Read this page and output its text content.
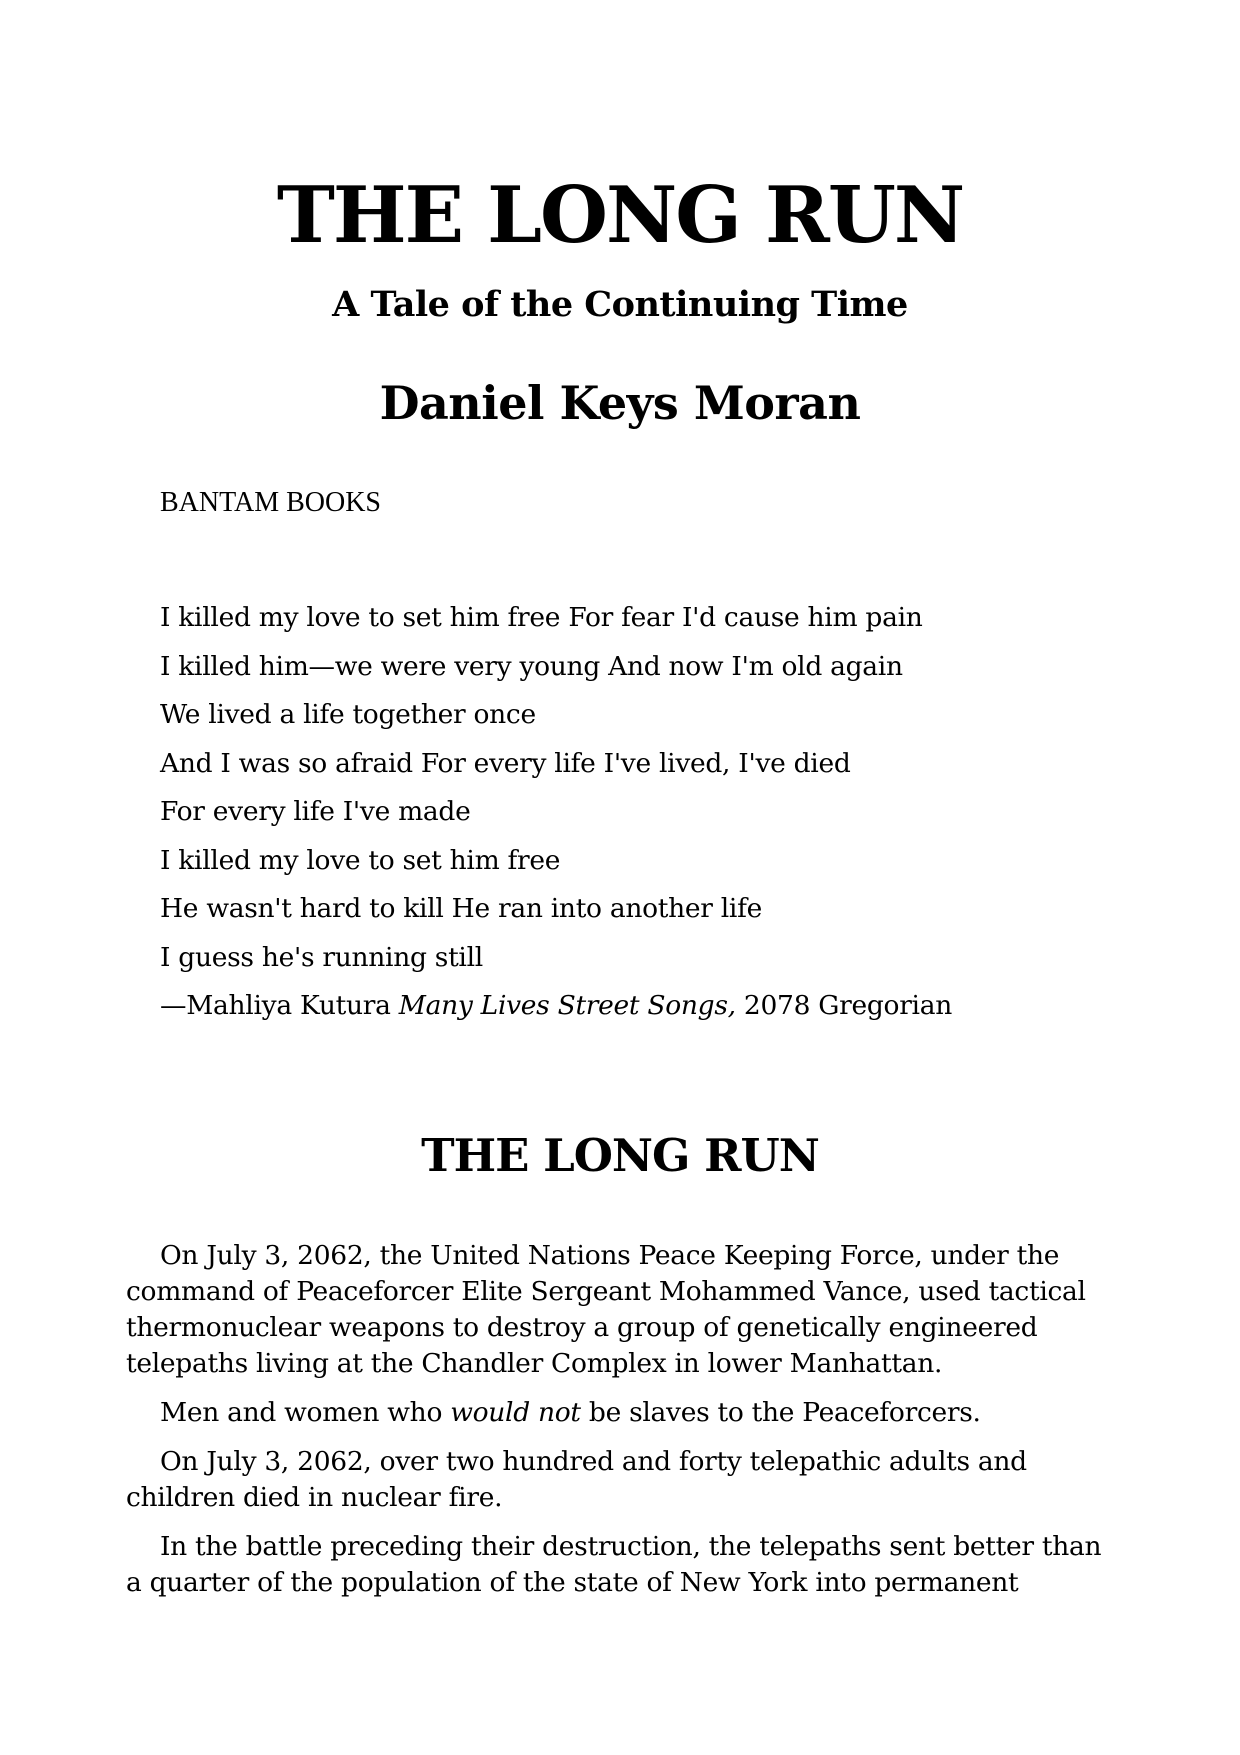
THE LONG RUN
A Tale of the Continuing Time
Daniel Keys Moran

BANTAM BOOKS

I killed my love to set him free For fear I'd cause him pain
I killed him—we were very young And now I'm old again
We lived a life together once
And I was so afraid For every life I've lived, I've died
For every life I've made
I killed my love to set him free
He wasn't hard to kill He ran into another life
I guess he's running still

—Mahliya Kutura Many Lives Street Songs, 2078 Gregorian

THE LONG RUN

On July 3, 2062, the United Nations Peace Keeping Force, under the command of Peaceforcer Elite Sergeant Mohammed Vance, used tactical thermonuclear weapons to destroy a group of genetically engineered telepaths living at the Chandler Complex in lower Manhattan.

Men and women who would not be slaves to the Peaceforcers.

On July 3, 2062, over two hundred and forty telepathic adults and children died in nuclear fire.

In the battle preceding their destruction, the telepaths sent better than a quarter of the population of the state of New York into permanent
